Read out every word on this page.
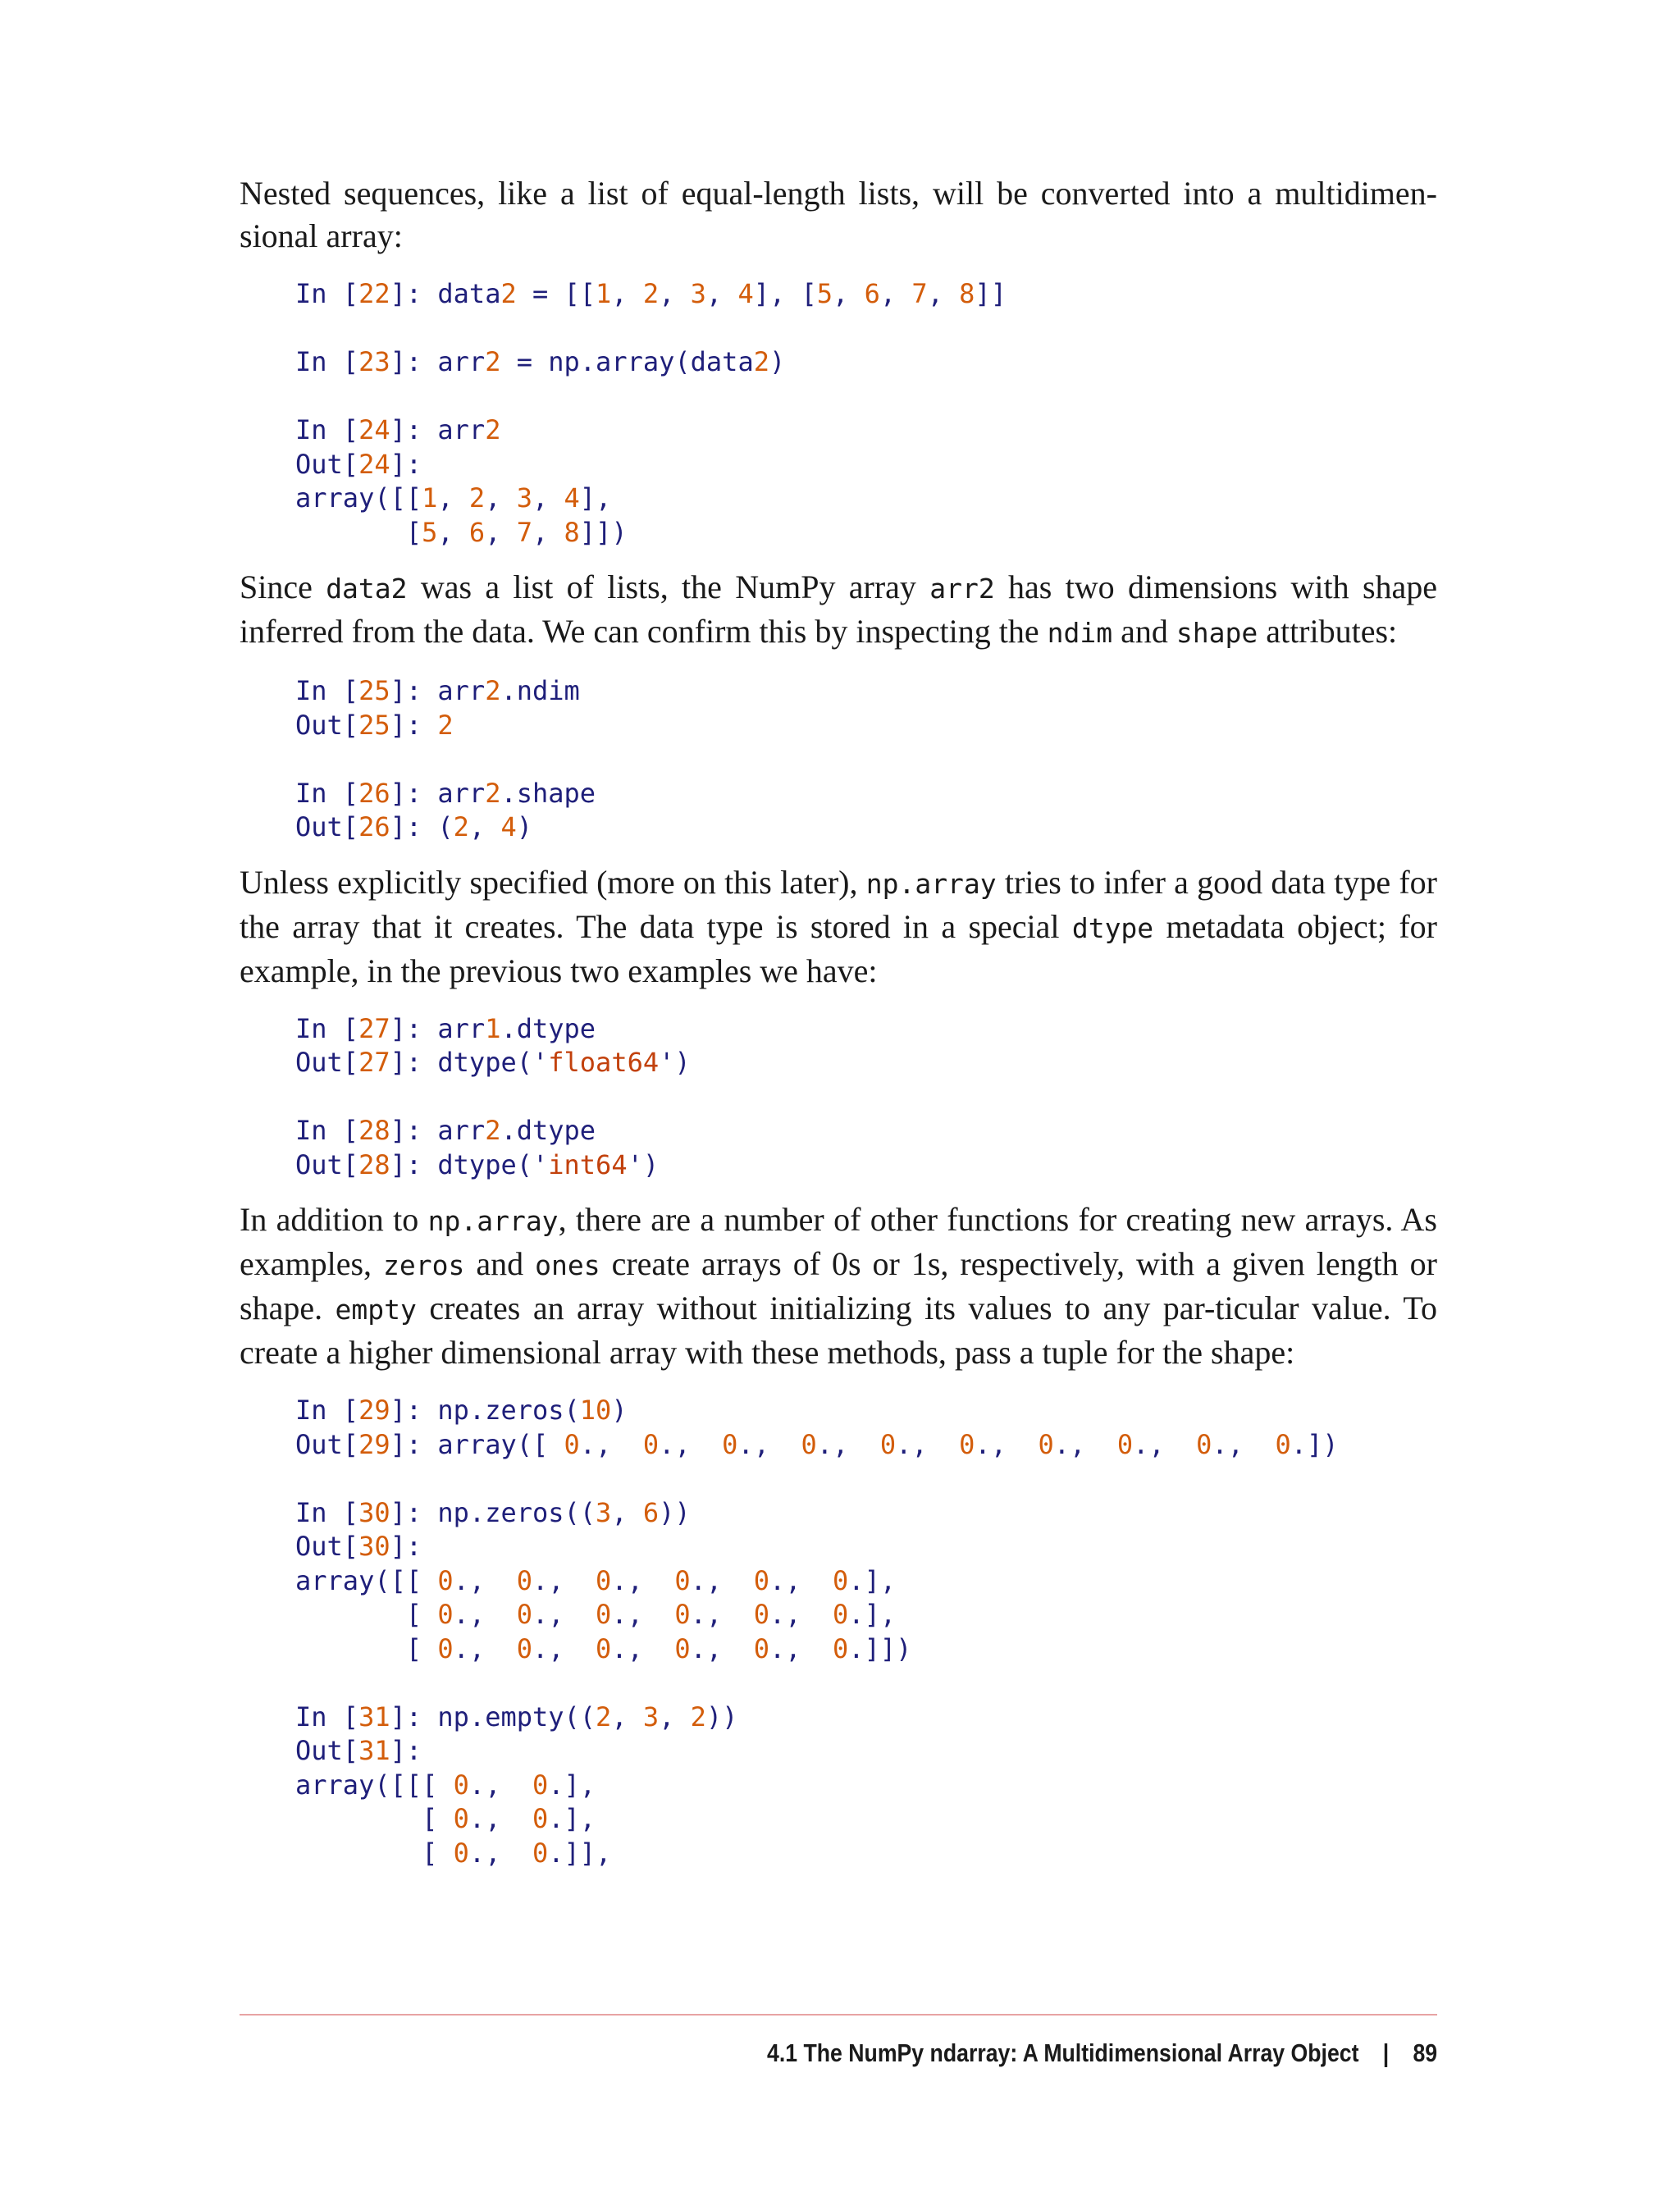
Nested sequences, like a list of equal-length lists, will be converted into a multidimen-sional array:

In [22]: data2 = [[1, 2, 3, 4], [5, 6, 7, 8]]
In [23]: arr2 = np.array(data2)
In [24]: arr2
Out[24]:
array([[1, 2, 3, 4],
[5, 6, 7, 8]])

Since data2 was a list of lists, the NumPy array arr2 has two dimensions with shape inferred from the data. We can confirm this by inspecting the ndim and shape attributes:

In [25]: arr2.ndim
Out[25]: 2
In [26]: arr2.shape
Out[26]: (2, 4)

Unless explicitly specified (more on this later), np.array tries to infer a good data type for the array that it creates. The data type is stored in a special dtype metadata object; for example, in the previous two examples we have:

In [27]: arr1.dtype
Out[27]: dtype('float64')
In [28]: arr2.dtype
Out[28]: dtype('int64')

In addition to np.array, there are a number of other functions for creating new arrays. As examples, zeros and ones create arrays of 0s or 1s, respectively, with a given length or shape. empty creates an array without initializing its values to any par-ticular value. To create a higher dimensional array with these methods, pass a tuple for the shape:

In [29]: np.zeros(10)
Out[29]: array([ 0.,  0.,  0.,  0.,  0.,  0.,  0.,  0.,  0.,  0.])
In [30]: np.zeros((3, 6))
Out[30]:
array([[ 0.,  0.,  0.,  0.,  0.,  0.],
[ 0.,  0.,  0.,  0.,  0.,  0.],
[ 0.,  0.,  0.,  0.,  0.,  0.]])
In [31]: np.empty((2, 3, 2))
Out[31]:
array([[[ 0.,  0.],
[ 0.,  0.],
[ 0.,  0.]],
4.1 The NumPy ndarray: A Multidimensional Array Object | 89
